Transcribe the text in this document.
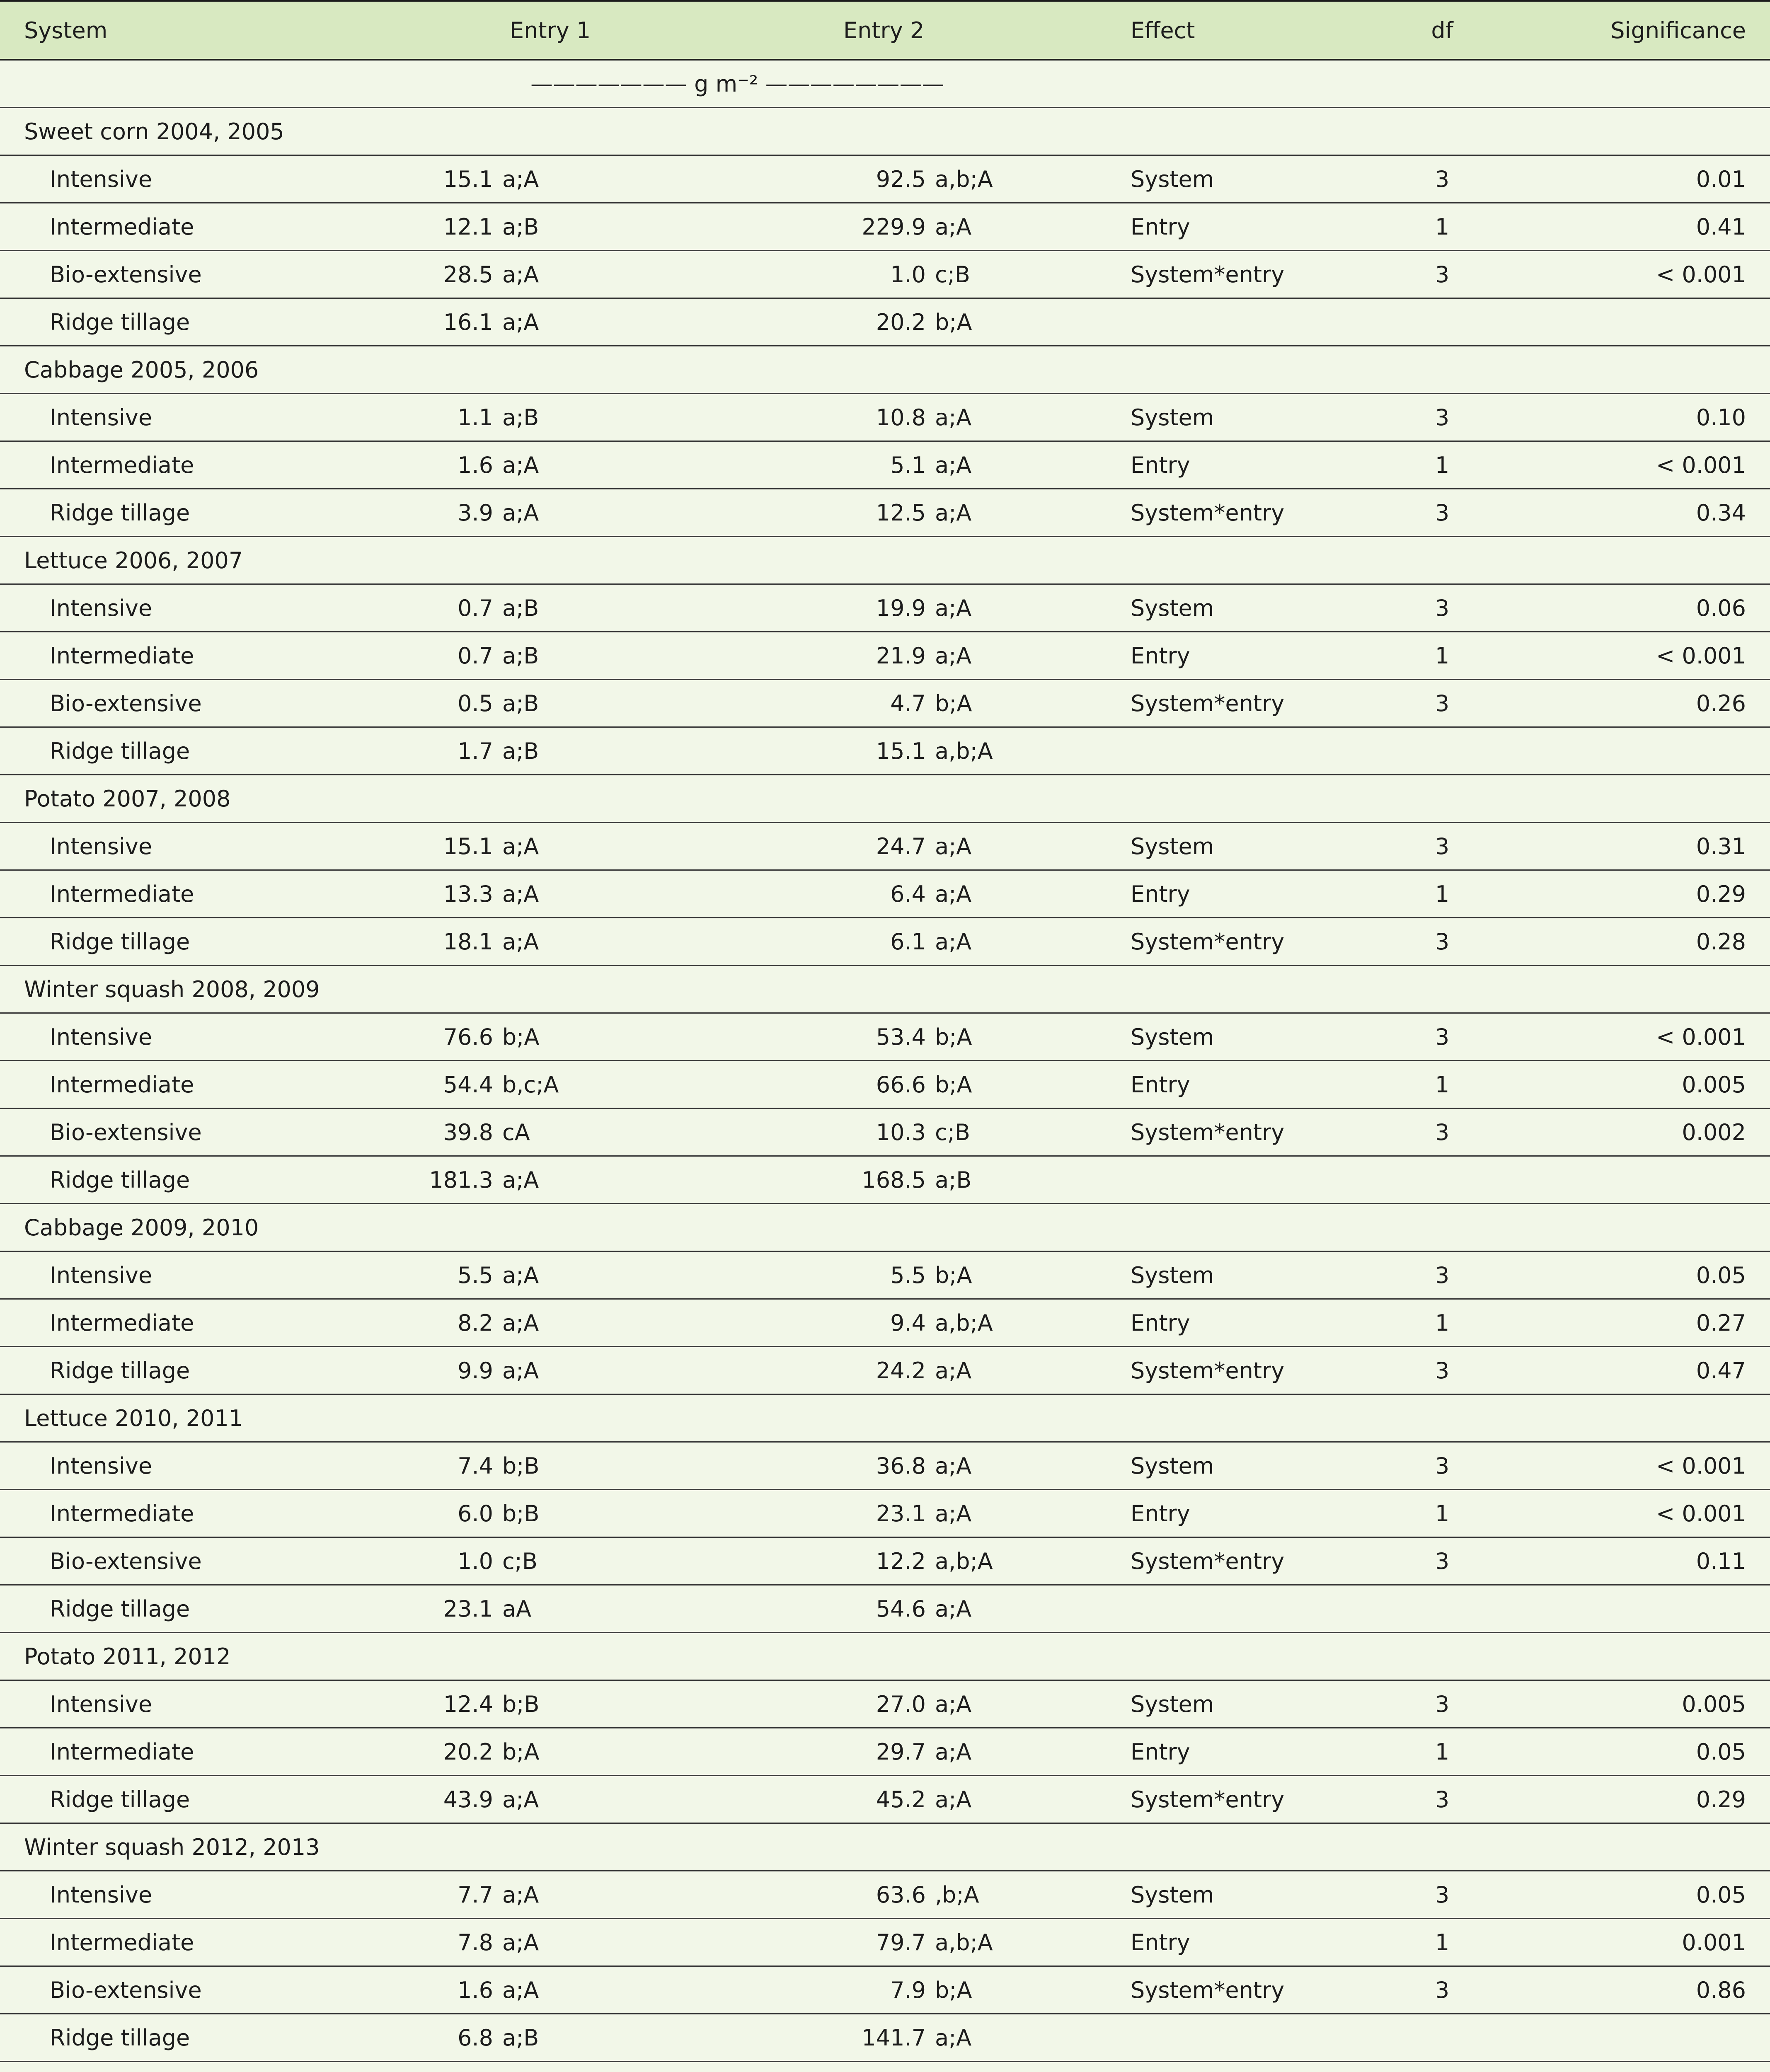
System	Entry 1	Entry 2	Effect	df	Significance
——————— g m⁻² ————————
Sweet corn 2004, 2005
Intensive	15.1 a;A	92.5 a,b;A	System	3	0.01
Intermediate	12.1 a;B	229.9 a;A	Entry	1	0.41
Bio-extensive	28.5 a;A	1.0 c;B	System*entry	3	< 0.001
Ridge tillage	16.1 a;A	20.2 b;A
Cabbage 2005, 2006
Intensive	1.1 a;B	10.8 a;A	System	3	0.10
Intermediate	1.6 a;A	5.1 a;A	Entry	1	< 0.001
Ridge tillage	3.9 a;A	12.5 a;A	System*entry	3	0.34
Lettuce 2006, 2007
Intensive	0.7 a;B	19.9 a;A	System	3	0.06
Intermediate	0.7 a;B	21.9 a;A	Entry	1	< 0.001
Bio-extensive	0.5 a;B	4.7 b;A	System*entry	3	0.26
Ridge tillage	1.7 a;B	15.1 a,b;A
Potato 2007, 2008
Intensive	15.1 a;A	24.7 a;A	System	3	0.31
Intermediate	13.3 a;A	6.4 a;A	Entry	1	0.29
Ridge tillage	18.1 a;A	6.1 a;A	System*entry	3	0.28
Winter squash 2008, 2009
Intensive	76.6 b;A	53.4 b;A	System	3	< 0.001
Intermediate	54.4 b,c;A	66.6 b;A	Entry	1	0.005
Bio-extensive	39.8 cA	10.3 c;B	System*entry	3	0.002
Ridge tillage	181.3 a;A	168.5 a;B
Cabbage 2009, 2010
Intensive	5.5 a;A	5.5 b;A	System	3	0.05
Intermediate	8.2 a;A	9.4 a,b;A	Entry	1	0.27
Ridge tillage	9.9 a;A	24.2 a;A	System*entry	3	0.47
Lettuce 2010, 2011
Intensive	7.4 b;B	36.8 a;A	System	3	< 0.001
Intermediate	6.0 b;B	23.1 a;A	Entry	1	< 0.001
Bio-extensive	1.0 c;B	12.2 a,b;A	System*entry	3	0.11
Ridge tillage	23.1 aA	54.6 a;A
Potato 2011, 2012
Intensive	12.4 b;B	27.0 a;A	System	3	0.005
Intermediate	20.2 b;A	29.7 a;A	Entry	1	0.05
Ridge tillage	43.9 a;A	45.2 a;A	System*entry	3	0.29
Winter squash 2012, 2013
Intensive	7.7 a;A	63.6 ,b;A	System	3	0.05
Intermediate	7.8 a;A	79.7 a,b;A	Entry	1	0.001
Bio-extensive	1.6 a;A	7.9 b;A	System*entry	3	0.86
Ridge tillage	6.8 a;B	141.7 a;A
